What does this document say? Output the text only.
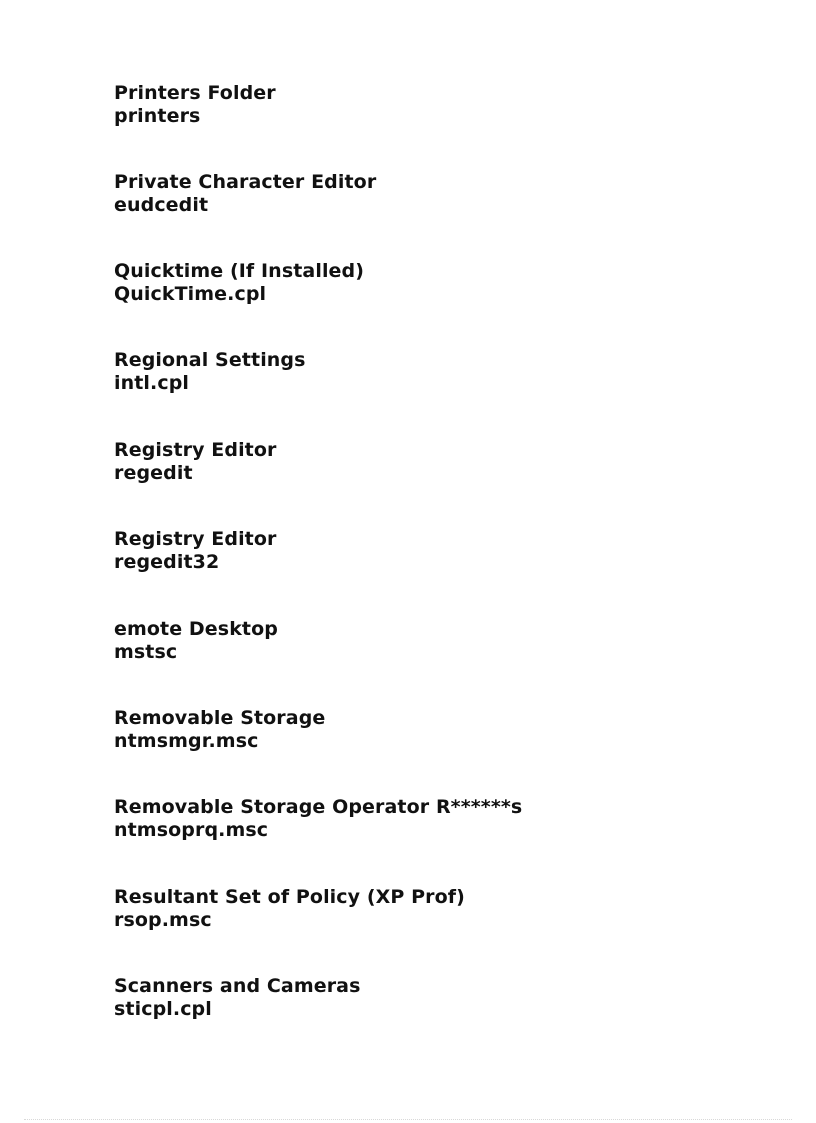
Printers Folder
printers
Private Character Editor
eudcedit
Quicktime (If Installed)
QuickTime.cpl
Regional Settings
intl.cpl
Registry Editor
regedit
Registry Editor
regedit32
emote Desktop
mstsc
Removable Storage
ntmsmgr.msc
Removable Storage Operator R******s
ntmsoprq.msc
Resultant Set of Policy (XP Prof)
rsop.msc
Scanners and Cameras
sticpl.cpl
